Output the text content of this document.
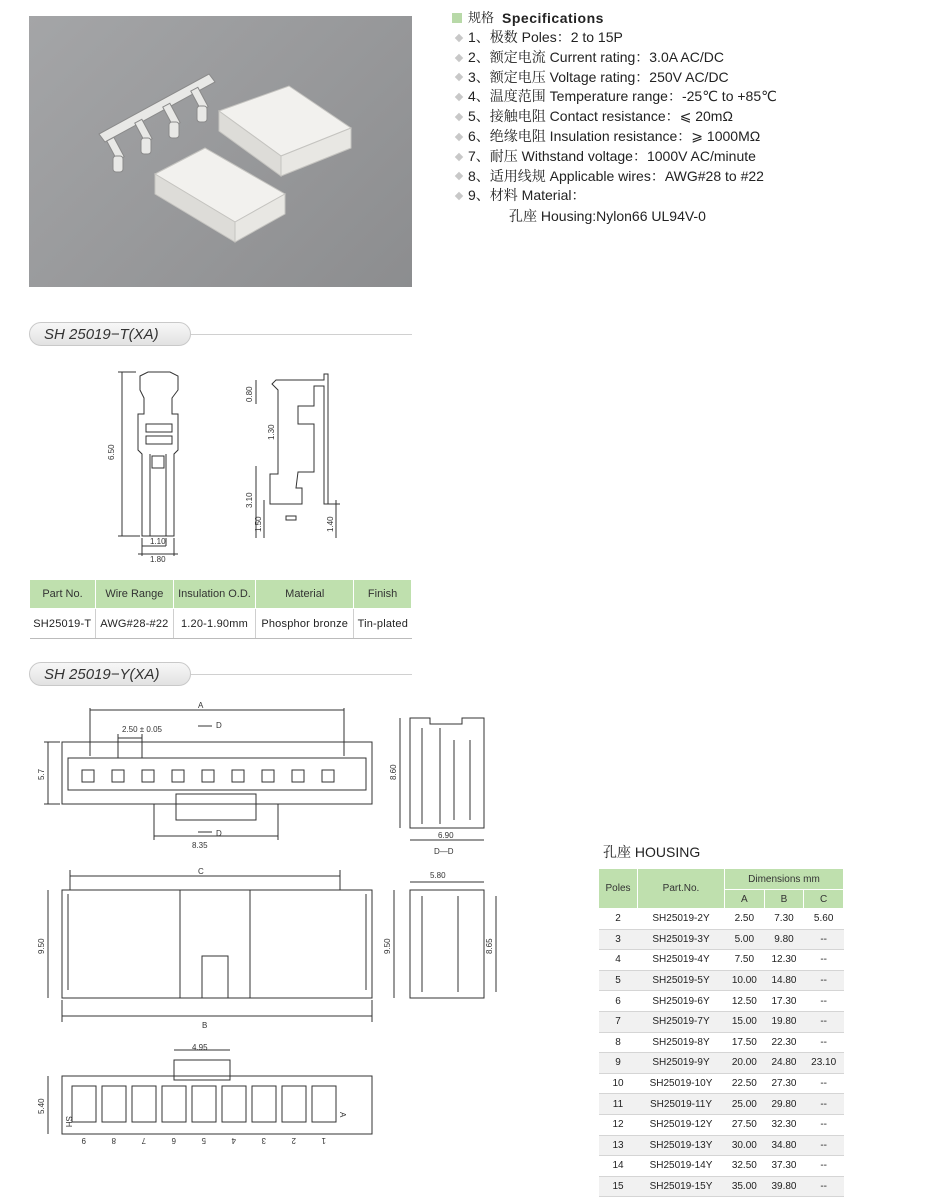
规格 Specifications
1、极数 Poles：2 to 15P
2、额定电流 Current rating：3.0A AC/DC
3、额定电压 Voltage rating：250V AC/DC
4、温度范围 Temperature range：-25℃ to +85℃
5、接触电阻 Contact resistance：⩽ 20mΩ
6、绝缘电阻 Insulation resistance：⩾ 1000MΩ
7、耐压 Withstand voltage：1000V AC/minute
8、适用线规 Applicable wires：AWG#28 to #22
9、材料 Material：
孔座 Housing:Nylon66 UL94V-0
SH 25019−T(XA)
6.50
1.10
1.80
0.80
1.30
3.10
1.50	1.40
Part No.	Wire Range	Insulation O.D.	Material	Finish
SH25019-T	AWG#28-#22	1.20-1.90mm	Phosphor bronze	Tin-plated
SH 25019−Y(XA)
A
2.50 ± 0.05	D
D
5.7
8.35
8.60
6.90
D—D
C
B
9.50
5.80
9.50	8.65
4.95
5.40
SH
A
9	8	7	6	5	4	3	2	1
孔座 HOUSING
Poles	Part.No.	Dimensions mm		
		A	B	C
2	SH25019-2Y	2.50	7.30	5.60
3	SH25019-3Y	5.00	9.80	--
4	SH25019-4Y	7.50	12.30	--
5	SH25019-5Y	10.00	14.80	--
6	SH25019-6Y	12.50	17.30	--
7	SH25019-7Y	15.00	19.80	--
8	SH25019-8Y	17.50	22.30	--
9	SH25019-9Y	20.00	24.80	23.10
10	SH25019-10Y	22.50	27.30	--
11	SH25019-11Y	25.00	29.80	--
12	SH25019-12Y	27.50	32.30	--
13	SH25019-13Y	30.00	34.80	--
14	SH25019-14Y	32.50	37.30	--
15	SH25019-15Y	35.00	39.80	--
